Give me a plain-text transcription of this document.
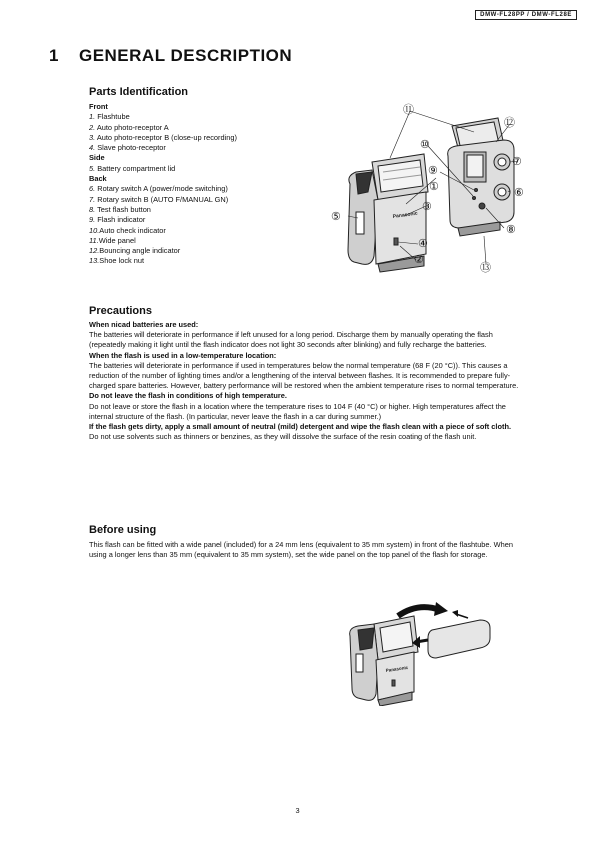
DMW-FL28PP / DMW-FL28E
1 GENERAL DESCRIPTION
Parts Identification
Front
1. Flashtube
2. Auto photo-receptor A
3. Auto photo-receptor B (close-up recording)
4. Slave photo-receptor
Side
5. Battery compartment lid
Back
6. Rotary switch A (power/mode switching)
7. Rotary switch B (AUTO F/MANUAL GN)
8. Test flash button
9. Flash indicator
10.Auto check indicator
11.Wide panel
12.Bouncing angle indicator
13.Shoe lock nut
Panasonic
⑪
⑫
⑩
⑦
⑨
①	⑥
③
⑤
⑧
④
②
⑬
Precautions

When nicad batteries are used:

The batteries will deteriorate in performance if left unused for a long period. Discharge them by manually operating the flash (repeatedly making it light until the flash indicator does not light 30 seconds after blinking) and fully recharge the batteries.

When the flash is used in a low-temperature location:

The batteries will deteriorate in performance if used in temperatures below the normal temperature (68 F (20 °C)). This causes a reduction of the number of lighting times and/or a lengthening of the interval between flashes. It is recommended to prepare fully-charged spare batteries. However, battery performance will be restored when the ambient temperature rises to normal temperature.

Do not leave the flash in conditions of high temperature.

Do not leave or store the flash in a location where the temperature rises to 104 F (40 °C) or higher. High temperatures affect the internal structure of the flash. (In particular, never leave the flash in a car during summer.)

If the flash gets dirty, apply a small amount of neutral (mild) detergent and wipe the flash clean with a piece of soft cloth.

Do not use solvents such as thinners or benzines, as they will dissolve the surface of the resin coating of the flash unit.

Before using
This flash can be fitted with a wide panel (included) for a 24 mm lens (equivalent to 35 mm system) in front of the flashtube. When using a longer lens than 35 mm (equivalent to 35 mm system), set the wide panel on the top panel of the flash for storage.
Panasonic
3
